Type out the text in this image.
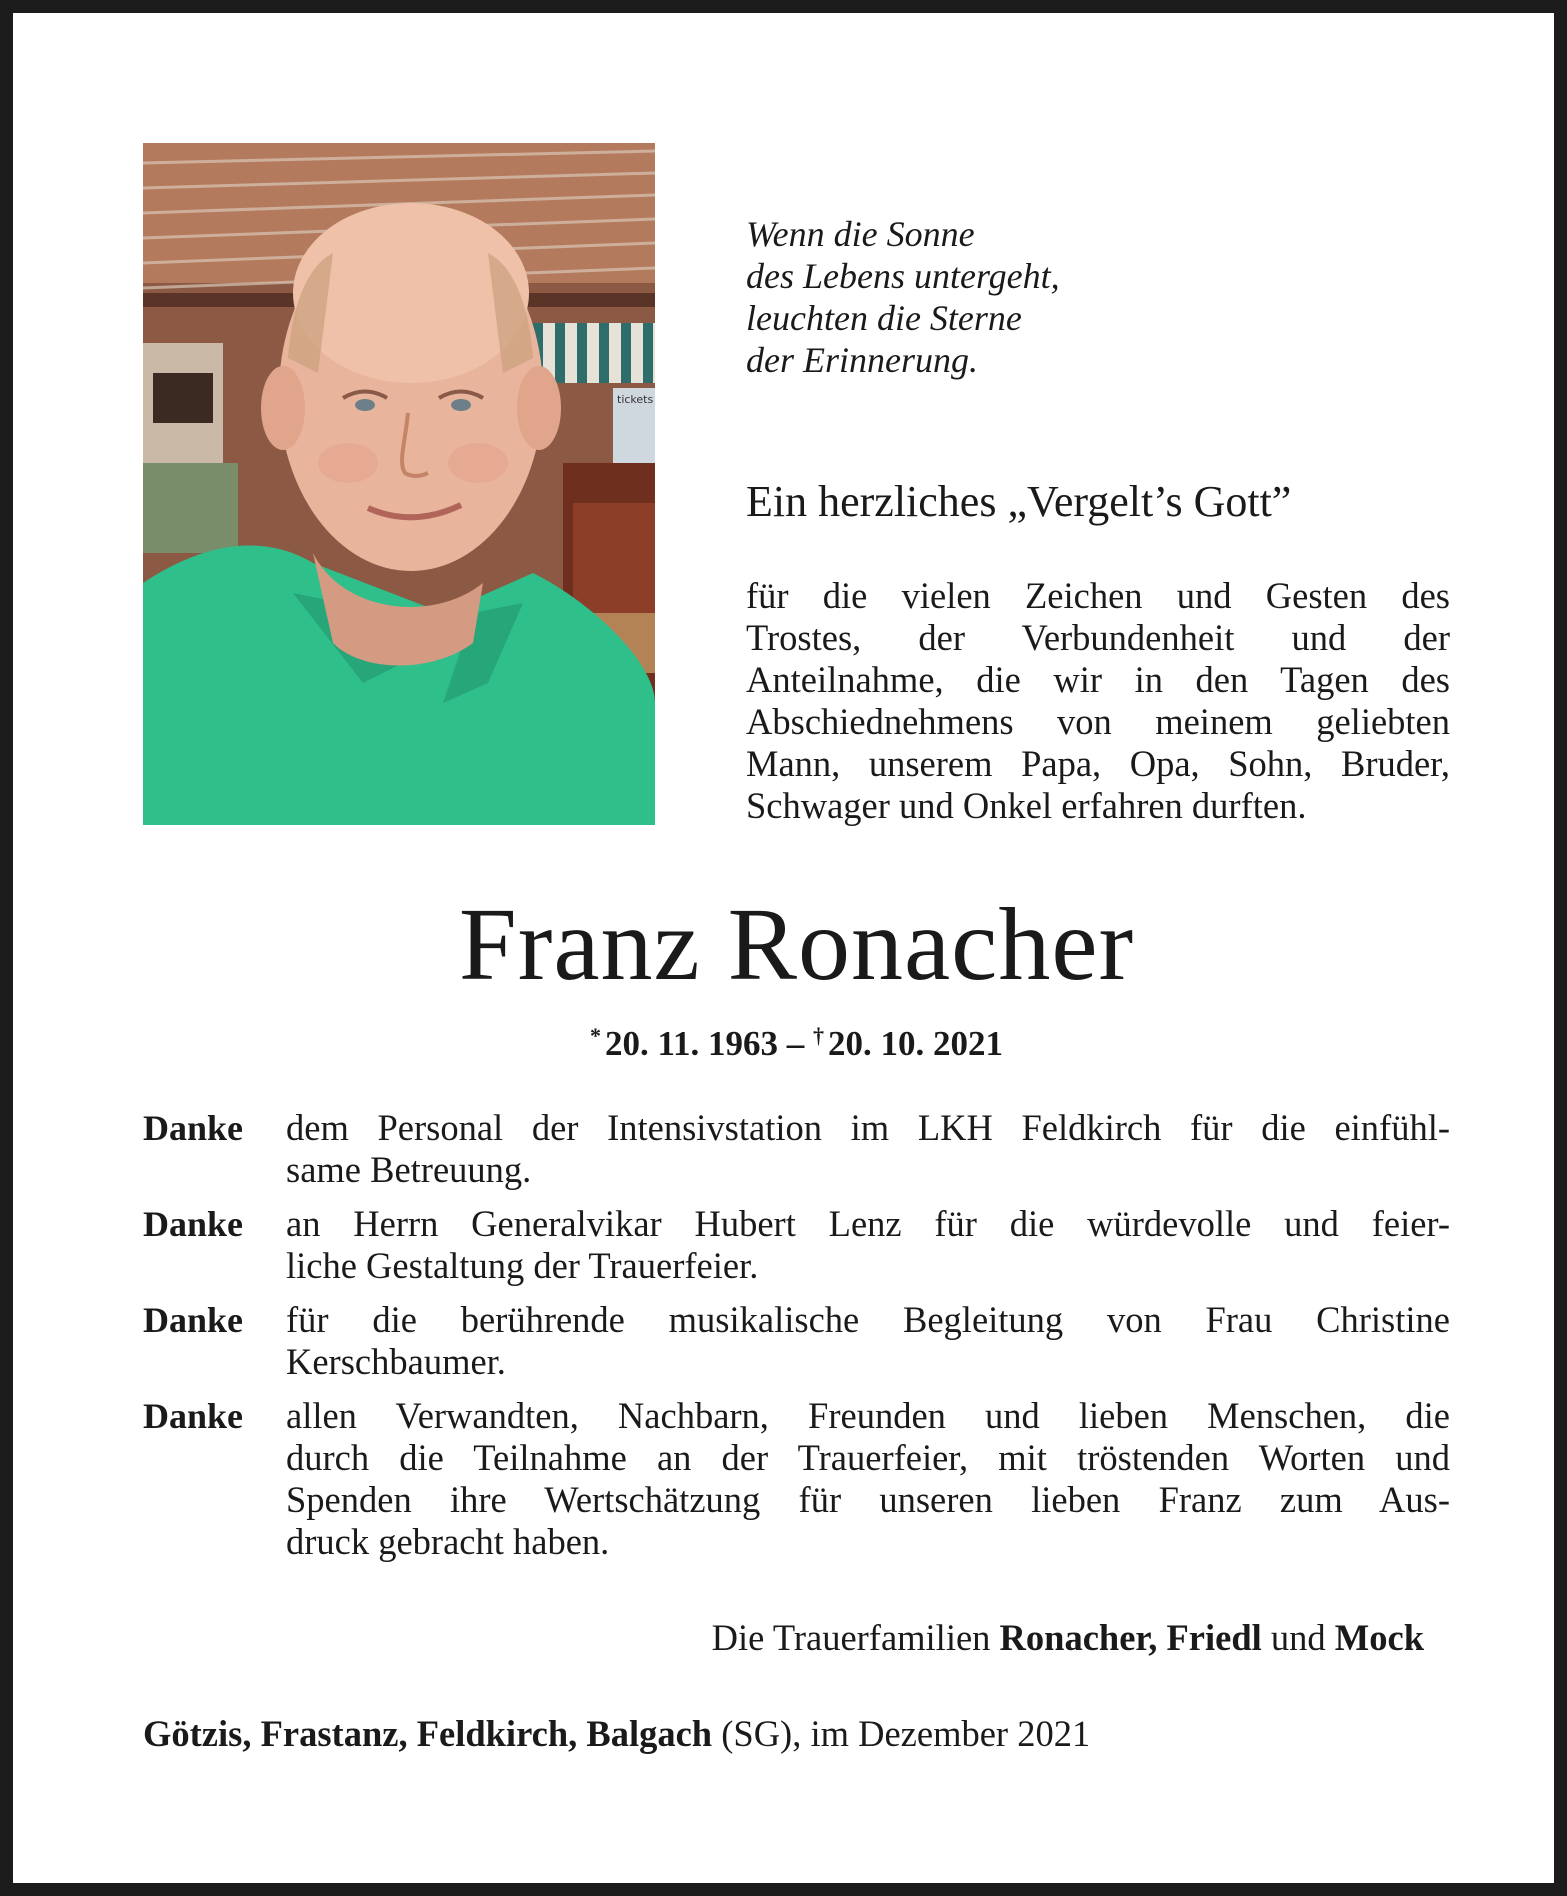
tickets
Wenn die Sonne
des Lebens untergeht,
leuchten die Sterne
der Erinnerung.
Ein herzliches „Vergelt’s Gott”
für die vielen Zeichen und Gesten des
Trostes, der Verbundenheit und der
Anteilnahme, die wir in den Tagen des
Abschiednehmens von meinem geliebten
Mann, unserem Papa, Opa, Sohn, Bruder,
Schwager und Onkel erfahren durften.
Franz Ronacher
* 20. 11. 1963 – † 20. 10. 2021
Danke	dem Personal der Intensivstation im LKH Feldkirch für die einfühl-
same Betreuung.
Danke	an Herrn Generalvikar Hubert Lenz für die würdevolle und feier-
liche Gestaltung der Trauerfeier.
Danke	für die berührende musikalische Begleitung von Frau Christine
Kerschbaumer.
Danke	allen Verwandten, Nachbarn, Freunden und lieben Menschen, die
durch die Teilnahme an der Trauerfeier, mit tröstenden Worten und
Spenden ihre Wertschätzung für unseren lieben Franz zum Aus-
druck gebracht haben.
Die Trauerfamilien Ronacher, Friedl und Mock
Götzis, Frastanz, Feldkirch, Balgach (SG), im Dezember 2021
